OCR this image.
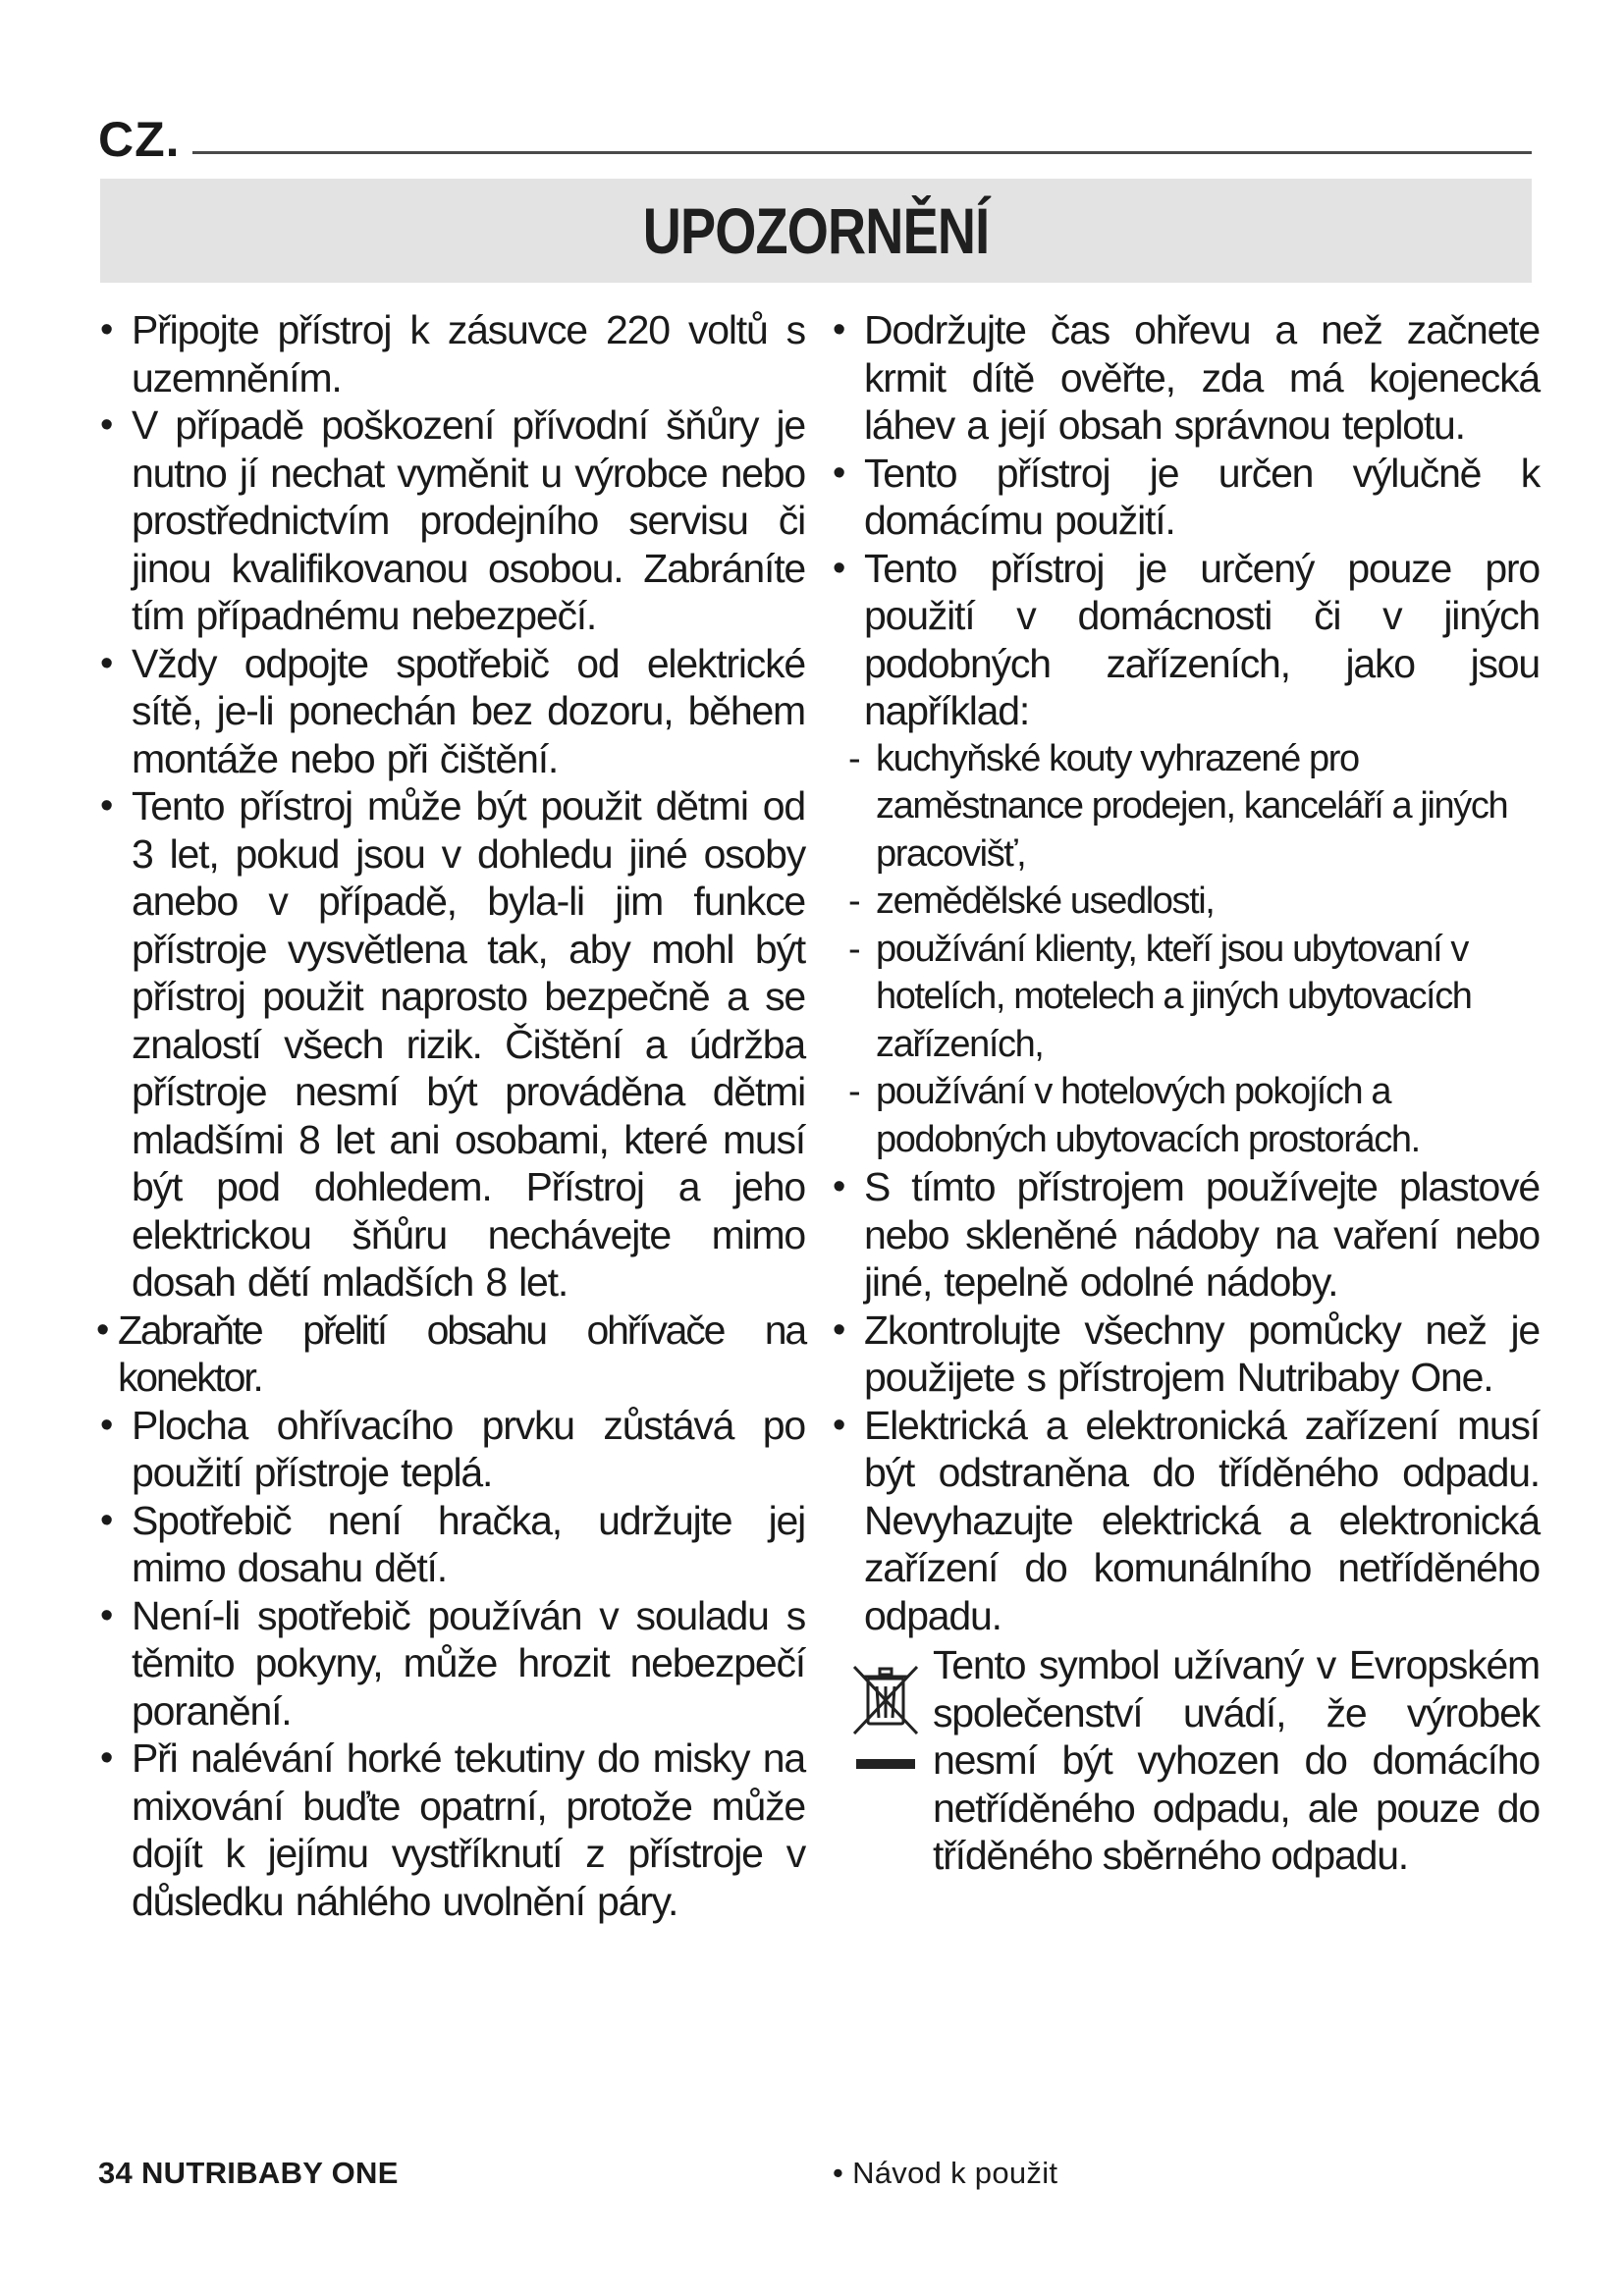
CZ.
UPOZORNĚNÍ
• Připojte přístroj k zásuvce 220 voltů s uzemněním.
• V případě poškození přívodní šňůry je nutno jí nechat vyměnit u výrobce nebo prostřednictvím prodejního servisu či jinou kvalifikovanou osobou. Zabráníte tím případnému nebezpečí.
• Vždy odpojte spotřebič od elektrické sítě, je-li ponechán bez dozoru, během montáže nebo při čištění.
• Tento přístroj může být použit dětmi od 3 let, pokud jsou v dohledu jiné osoby anebo v případě, byla-li jim funkce přístroje vysvětlena tak, aby mohl být přístroj použit naprosto bezpečně a se znalostí všech rizik. Čištění a údržba přístroje nesmí být prováděna dětmi mladšími 8 let ani osobami, které musí být pod dohledem. Přístroj a jeho elektrickou šňůru nechávejte mimo dosah dětí mladších 8 let.
• Zabraňte přelití obsahu ohřívače na konektor.
• Plocha ohřívacího prvku zůstává po použití přístroje teplá.
• Spotřebič není hračka, udržujte jej mimo dosahu dětí.
• Není-li spotřebič používán v souladu s těmito pokyny, může hrozit nebezpečí poranění.
• Při nalévání horké tekutiny do misky na mixování buďte opatrní, protože může dojít k jejímu vystříknutí z přístroje v důsledku náhlého uvolnění páry.
• Dodržujte čas ohřevu a než začnete krmit dítě ověřte, zda má kojenecká láhev a její obsah správnou teplotu.
• Tento přístroj je určen výlučně k domácímu použití.
• Tento přístroj je určený pouze pro použití v domácnosti či v jiných podobných zařízeních, jako jsou například:
- kuchyňské kouty vyhrazené pro zaměstnance prodejen, kanceláří a jiných pracovišť,
- zemědělské usedlosti,
- používání klienty, kteří jsou ubytovaní v hotelích, motelech a jiných ubytovacích zařízeních,
- používání v hotelových pokojích a podobných ubytovacích prostorách.
• S tímto přístrojem používejte plastové nebo skleněné nádoby na vaření nebo jiné, tepelně odolné nádoby.
• Zkontrolujte všechny pomůcky než je použijete s přístrojem Nutribaby One.
• Elektrická a elektronická zařízení musí být odstraněna do tříděného odpadu. Nevyhazujte elektrická a elektronická zařízení do komunálního netříděného odpadu.
Tento symbol užívaný v Evropském společenství uvádí, že výrobek nesmí být vyhozen do domácího netříděného odpadu, ale pouze do tříděného sběrného odpadu.
34 NUTRIBABY ONE	• Návod k použit
